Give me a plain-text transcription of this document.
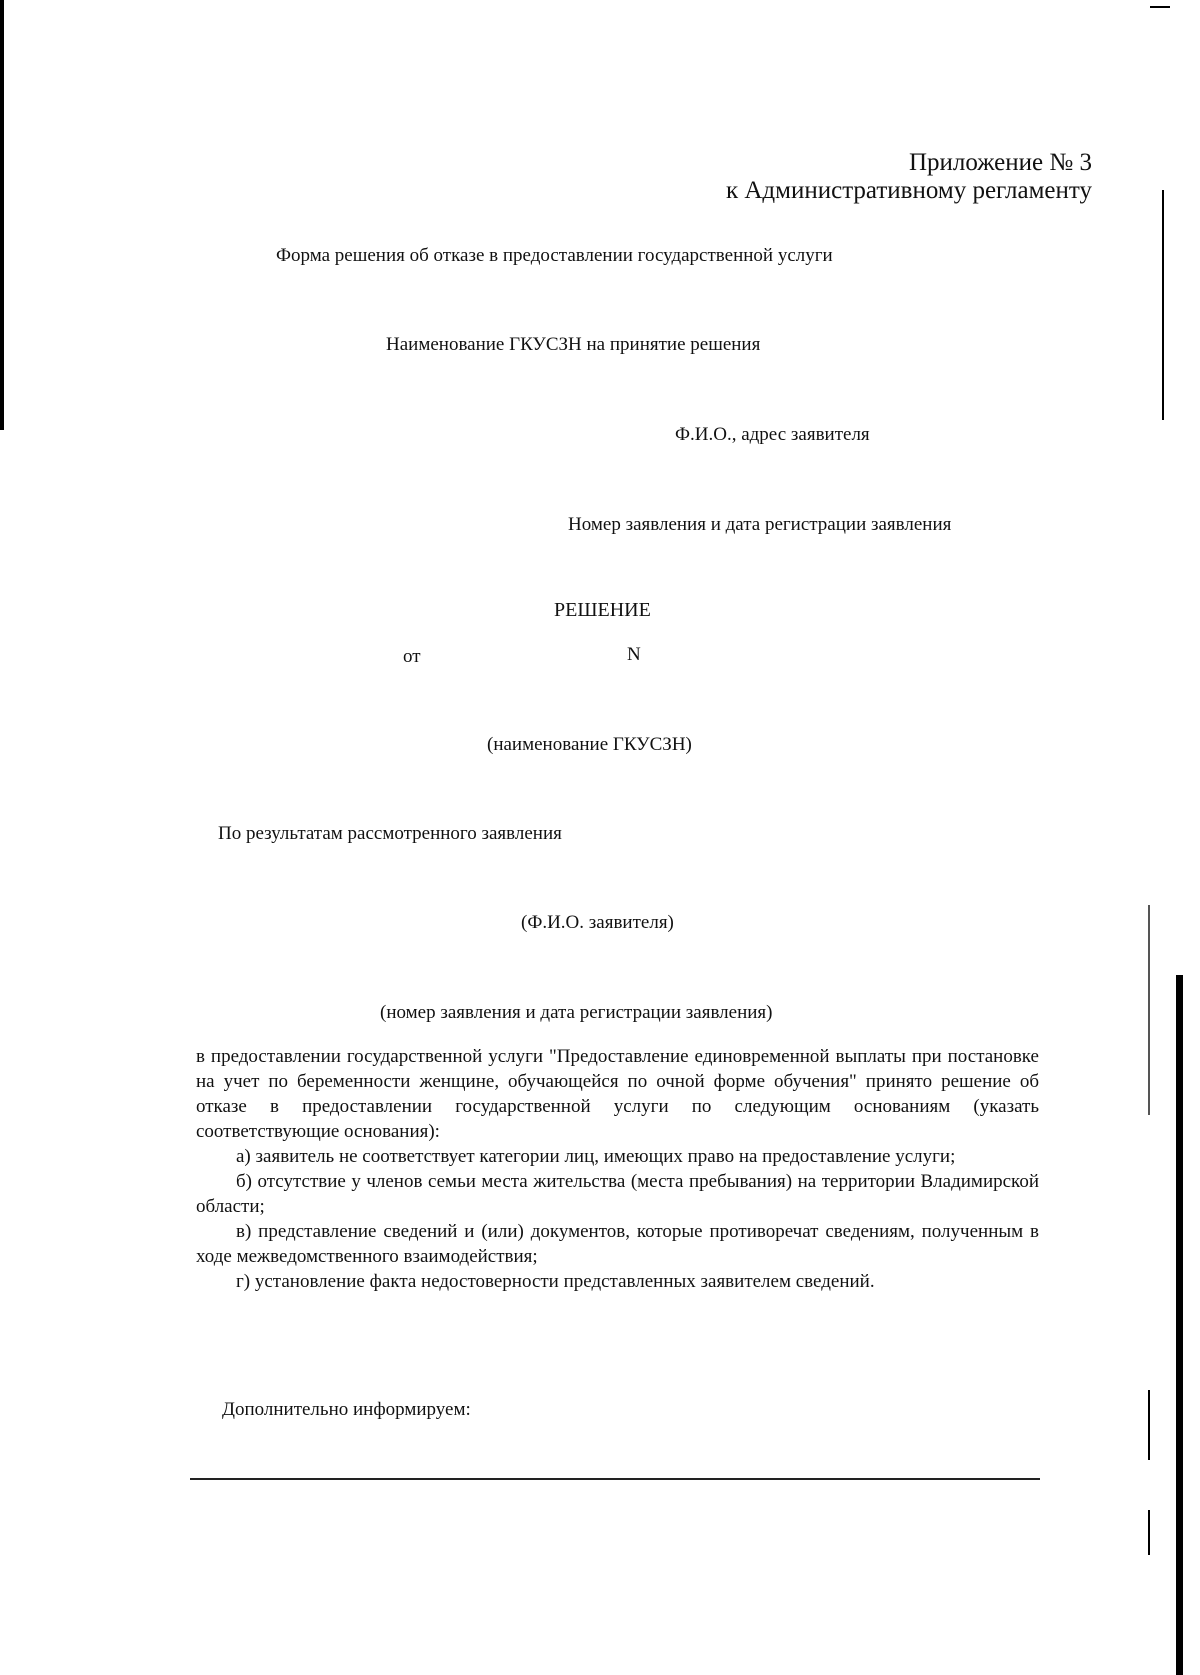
Приложение № 3
к Административному регламенту
Форма решения об отказе в предоставлении государственной услуги
Наименование ГКУСЗН на принятие решения
Ф.И.О., адрес заявителя
Номер заявления и дата регистрации заявления
РЕШЕНИЕ
от	N
(наименование ГКУСЗН)
По результатам рассмотренного заявления
(Ф.И.О. заявителя)
(номер заявления и дата регистрации заявления)

в предоставлении государственной услуги "Предоставление единовременной выплаты при постановке на учет по беременности женщине, обучающейся по очной форме обучения" принято решение об отказе в предоставлении государственной услуги по следующим основаниям (указать соответствующие основания):

а) заявитель не соответствует категории лиц, имеющих право на предоставление услуги;

б) отсутствие у членов семьи места жительства (места пребывания) на территории Владимирской области;

в) представление сведений и (или) документов, которые противоречат сведениям, полученным в ходе межведомственного взаимодействия;

г) установление факта недостоверности представленных заявителем сведений.

Дополнительно информируем:
